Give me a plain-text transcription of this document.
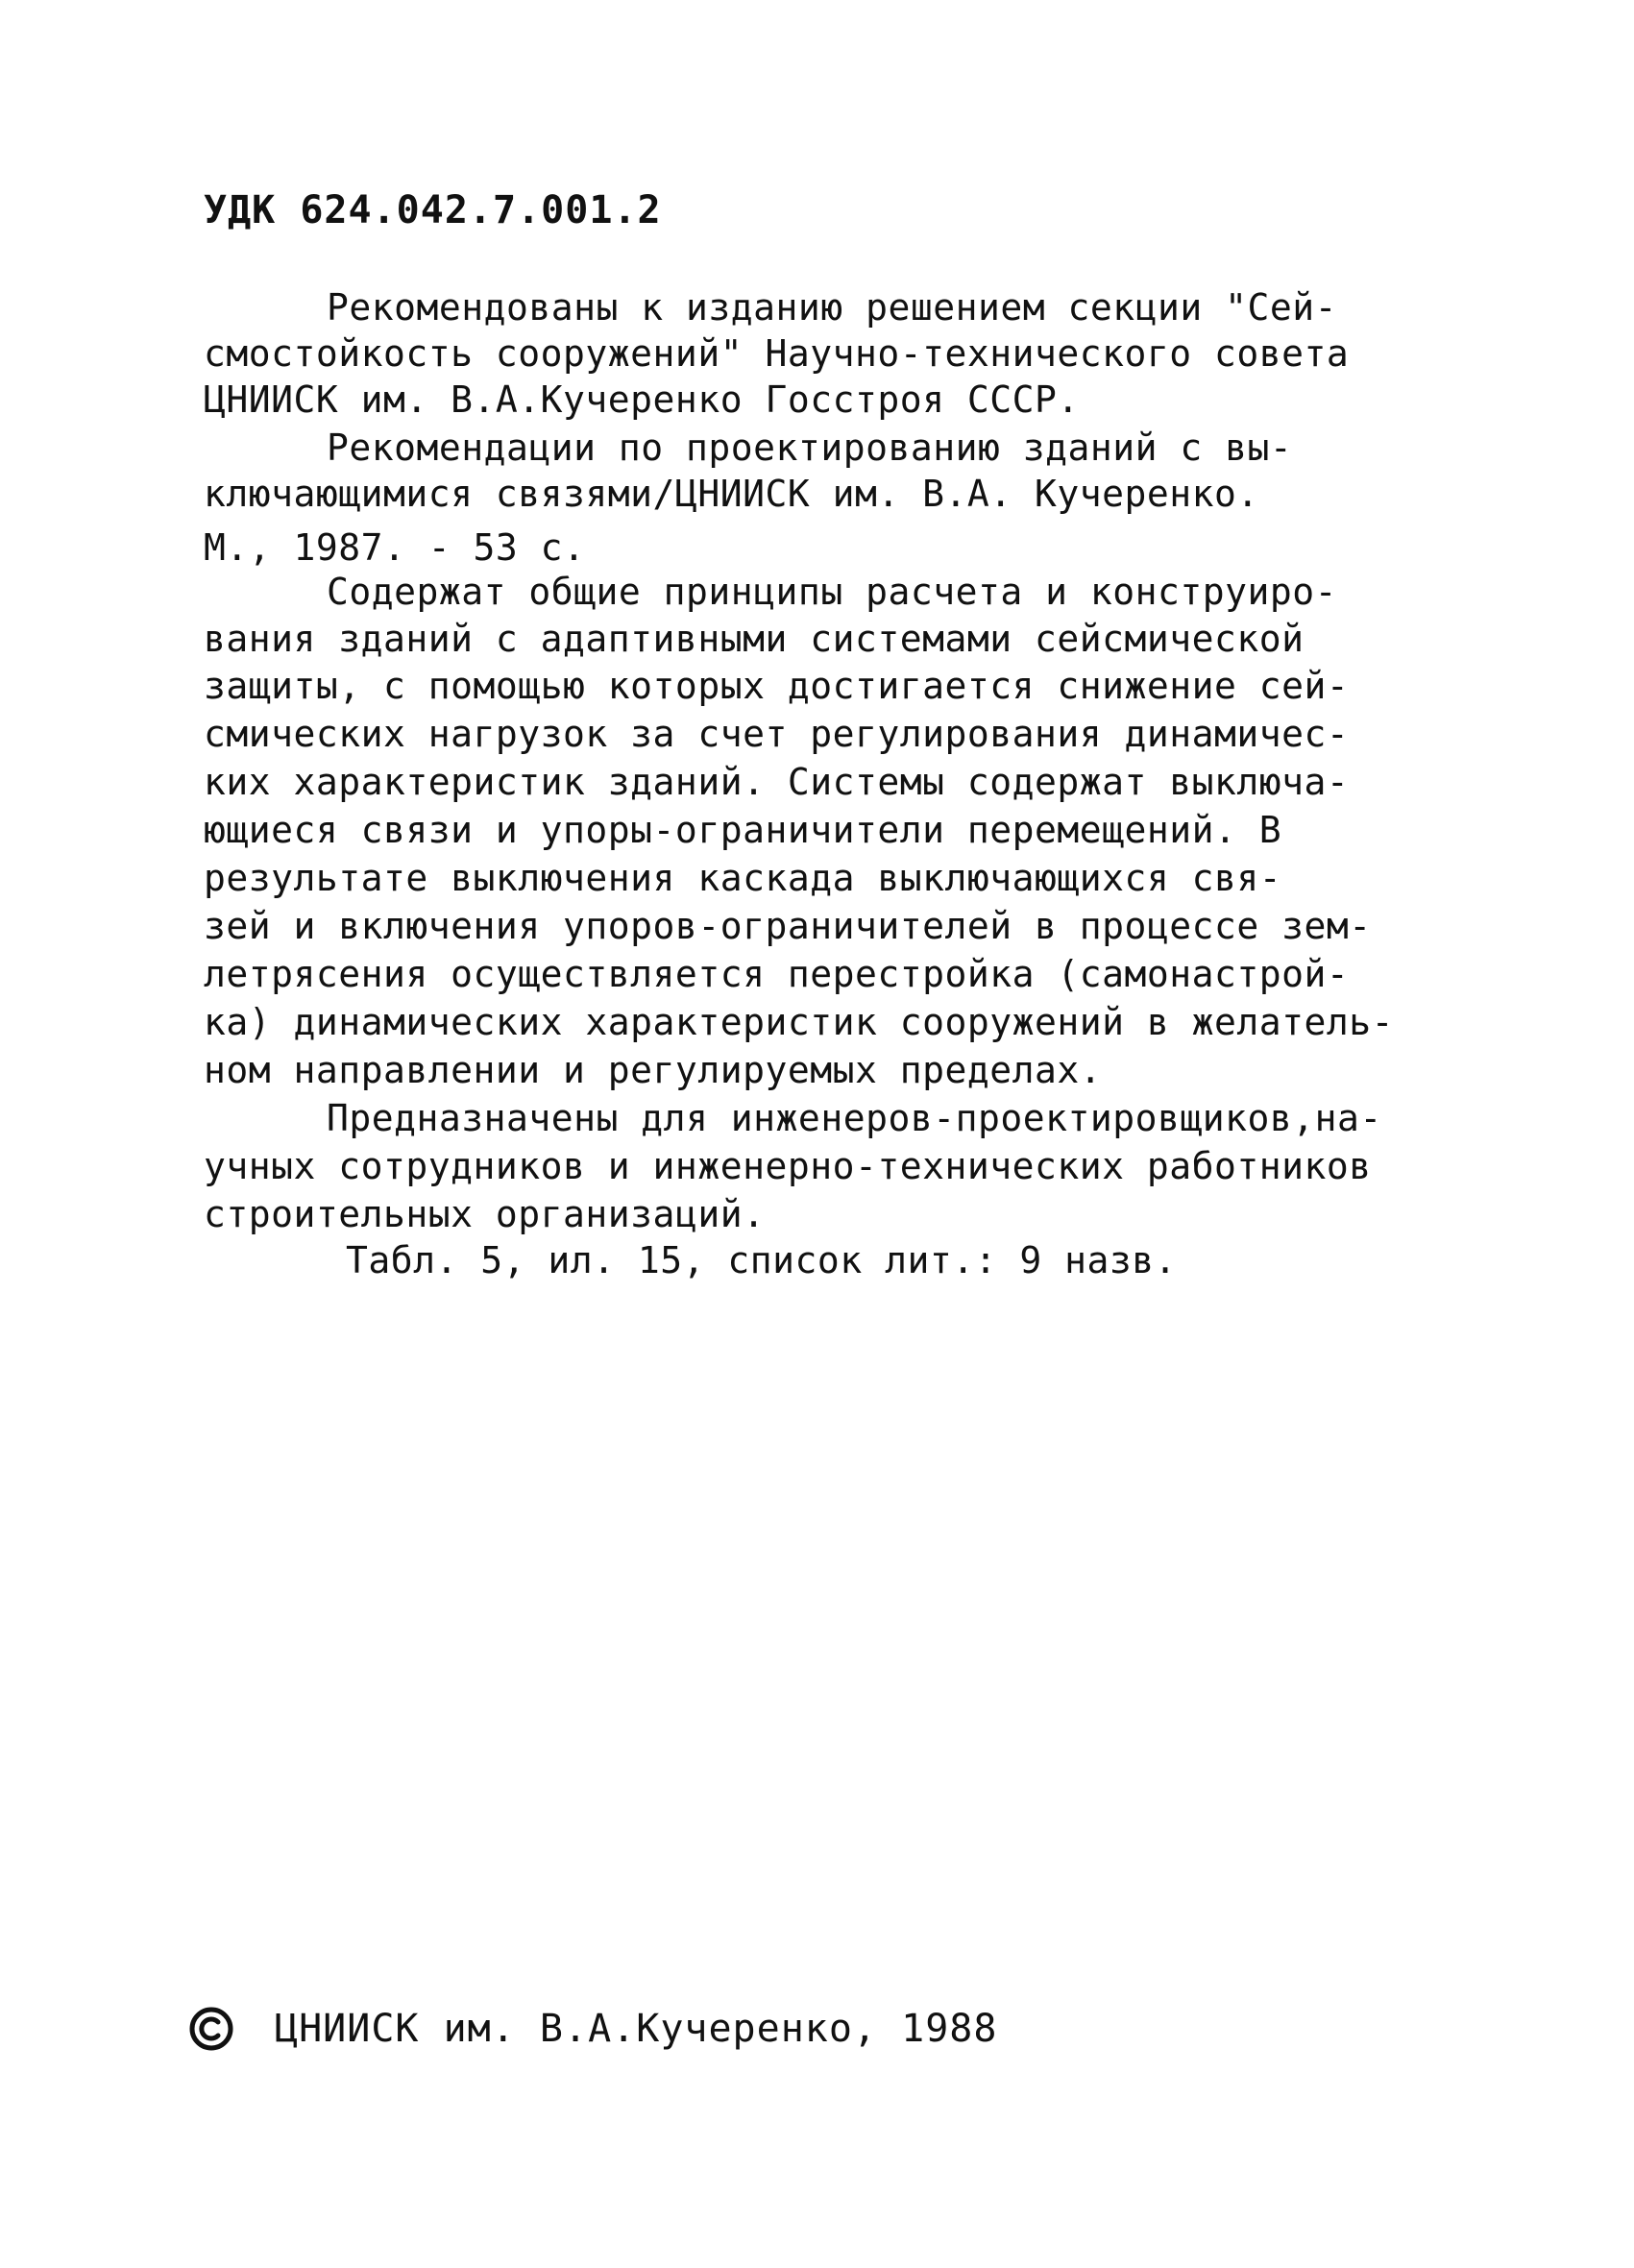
УДК 624.042.7.001.2
Рекомендованы к изданию решением секции "Сей-
смостойкость сооружений" Научно-технического совета
ЦНИИСК им. В.А.Кучеренко Госстроя СССР.
Рекомендации по проектированию зданий с вы-
ключающимися связями/ЦНИИСК им. В.А. Кучеренко.
М., 1987. - 53 с.
Содержат общие принципы расчета и конструиро-
вания зданий с адаптивными системами сейсмической
защиты, с помощью которых достигается снижение сей-
смических нагрузок за счет регулирования динамичес-
ких характеристик зданий. Системы содержат выключа-
ющиеся связи и упоры-ограничители перемещений. В
результате выключения каскада выключающихся свя-
зей и включения упоров-ограничителей в процессе зем-
летрясения осуществляется перестройка (самонастрой-
ка) динамических характеристик сооружений в желатель-
ном направлении и регулируемых пределах.
Предназначены для инженеров-проектировщиков,на-
учных сотрудников и инженерно-технических работников
строительных организаций.
Табл. 5, ил. 15, список лит.: 9 назв.
ЦНИИСК им. В.А.Кучеренко, 1988
